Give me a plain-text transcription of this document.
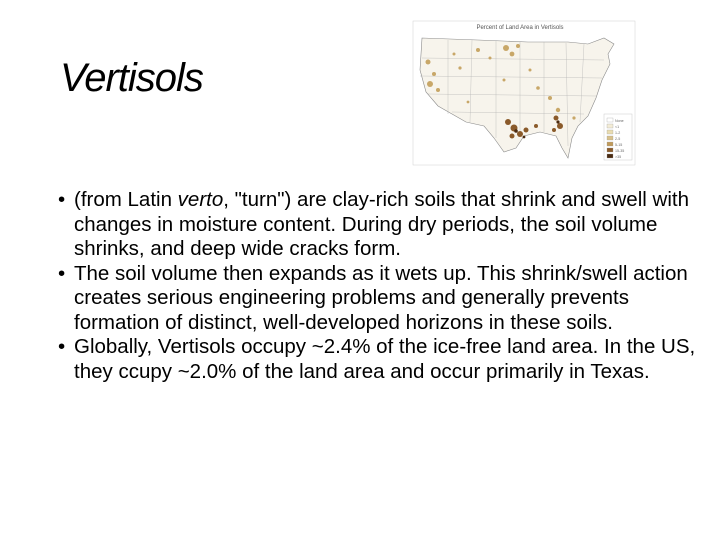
Vertisols
Percent of Land Area in Vertisols
None
<1
1-2
2-5
5-15
15-35
>35
• (from Latin verto, "turn") are clay-rich soils that shrink and swell with changes in moisture content. During dry periods, the soil volume shrinks, and deep wide cracks form.
• The soil volume then expands as it wets up. This shrink/swell action creates serious engineering problems and generally prevents formation of distinct, well-developed horizons in these soils.
• Globally, Vertisols occupy ~2.4% of the ice-free land area. In the US, they ccupy ~2.0% of the land area and occur primarily in Texas.
